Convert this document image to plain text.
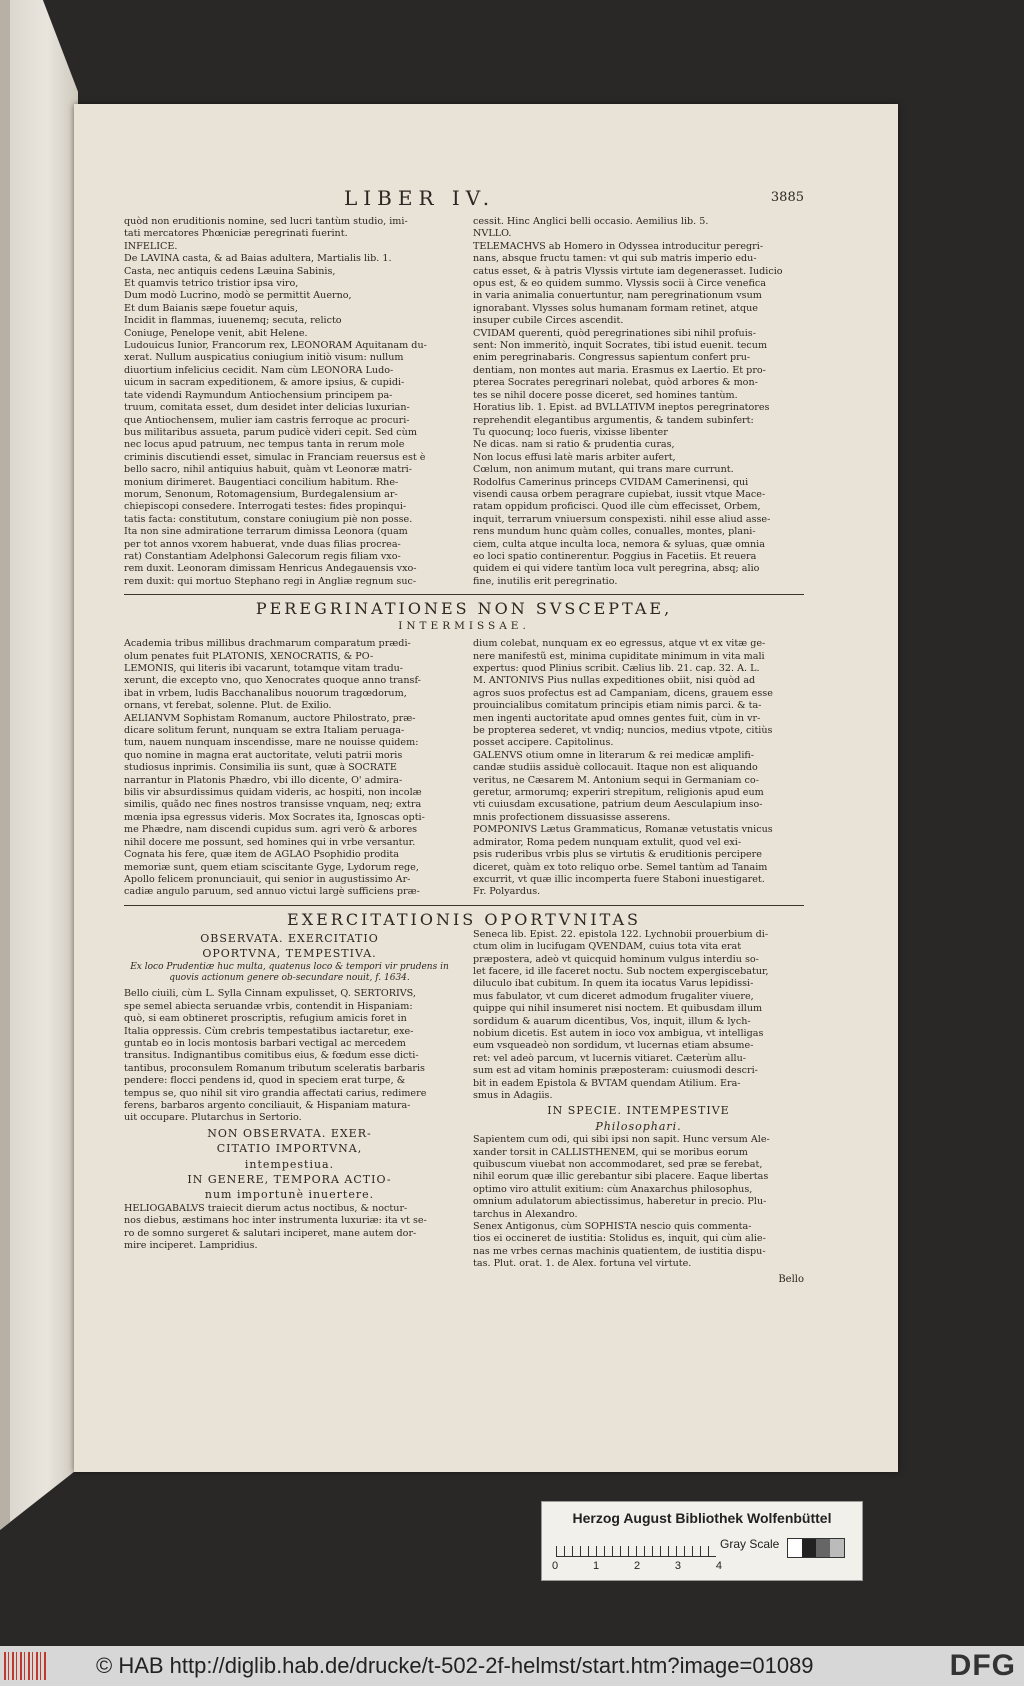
LIBER IV.	3885

quòd non eruditionis nomine, sed lucri tantùm studio, imi-

tati mercatores Phœniciæ peregrinati fuerint.

INFELICE.

De LAVINA casta, & ad Baias adultera, Martialis lib. 1.

Casta, nec antiquis cedens Læuina Sabinis,

Et quamvis tetrico tristior ipsa viro,

Dum modò Lucrino, modò se permittit Auerno,

Et dum Baianis sæpe fouetur aquis,

Incidit in flammas, iuuenemq; secuta, relicto

Coniuge, Penelope venit, abit Helene.

Ludouicus Iunior, Francorum rex, LEONORAM Aquitanam du-

xerat. Nullum auspicatius coniugium initiò visum: nullum

diuortium infelicius cecidit. Nam cùm LEONORA Ludo-

uicum in sacram expeditionem, & amore ipsius, & cupidi-

tate videndi Raymundum Antiochensium principem pa-

truum, comitata esset, dum desidet inter delicias luxurian-

que Antiochensem, mulier iam castris ferroque ac procuri-

bus militaribus assueta, parum pudicè videri cepit. Sed cùm

nec locus apud patruum, nec tempus tanta in rerum mole

criminis discutiendi esset, simulac in Franciam reuersus est è

bello sacro, nihil antiquius habuit, quàm vt Leonoræ matri-

monium dirimeret. Baugentiaci concilium habitum. Rhe-

morum, Senonum, Rotomagensium, Burdegalensium ar-

chiepiscopi consedere. Interrogati testes: fides propinqui-

tatis facta: constitutum, constare coniugium piè non posse.

Ita non sine admiratione terrarum dimissa Leonora (quam

per tot annos vxorem habuerat, vnde duas filias procrea-

rat) Constantiam Adelphonsi Galecorum regis filiam vxo-

rem duxit. Leonoram dimissam Henricus Andegauensis vxo-

rem duxit: qui mortuo Stephano regi in Angliæ regnum suc-

cessit. Hinc Anglici belli occasio. Aemilius lib. 5.

NVLLO.

TELEMACHVS ab Homero in Odyssea introducitur peregri-

nans, absque fructu tamen: vt qui sub matris imperio edu-

catus esset, & à patris Vlyssis virtute iam degenerasset. Iudicio

opus est, & eo quidem summo. Vlyssis socii à Circe venefica

in varia animalia conuertuntur, nam peregrinationum vsum

ignorabant. Vlysses solus humanam formam retinet, atque

insuper cubile Circes ascendit.

CVIDAM querenti, quòd peregrinationes sibi nihil profuis-

sent: Non immeritò, inquit Socrates, tibi istud euenit. tecum

enim peregrinabaris. Congressus sapientum confert pru-

dentiam, non montes aut maria. Erasmus ex Laertio. Et pro-

pterea Socrates peregrinari nolebat, quòd arbores & mon-

tes se nihil docere posse diceret, sed homines tantùm.

Horatius lib. 1. Epist. ad BVLLATIVM ineptos peregrinatores

reprehendit elegantibus argumentis, & tandem subinfert:

Tu quocunq; loco fueris, vixisse libenter

Ne dicas. nam si ratio & prudentia curas,

Non locus effusi latè maris arbiter aufert,

Cœlum, non animum mutant, qui trans mare currunt.

Rodolfus Camerinus princeps CVIDAM Camerinensi, qui

visendi causa orbem peragrare cupiebat, iussit vtque Mace-

ratam oppidum proficisci. Quod ille cùm effecisset, Orbem,

inquit, terrarum vniuersum conspexisti. nihil esse aliud asse-

rens mundum hunc quàm colles, conualles, montes, plani-

ciem, culta atque inculta loca, nemora & syluas, quæ omnia

eo loci spatio continerentur. Poggius in Facetiis. Et reuera

quidem ei qui videre tantùm loca vult peregrina, absq; alio

fine, inutilis erit peregrinatio.

PEREGRINATIONES NON SVSCEPTAE,
INTERMISSAE.

Academia tribus millibus drachmarum comparatum prædi-

olum penates fuit PLATONIS, XENOCRATIS, & PO-

LEMONIS, qui literis ibi vacarunt, totamque vitam tradu-

xerunt, die excepto vno, quo Xenocrates quoque anno transf-

ibat in vrbem, ludis Bacchanalibus nouorum tragœdorum,

ornans, vt ferebat, solenne. Plut. de Exilio.

AELIANVM Sophistam Romanum, auctore Philostrato, præ-

dicare solitum ferunt, nunquam se extra Italiam peruaga-

tum, nauem nunquam inscendisse, mare ne nouisse quidem:

quo nomine in magna erat auctoritate, veluti patrii moris

studiosus inprimis. Consimilia iis sunt, quæ à SOCRATE

narrantur in Platonis Phædro, vbi illo dicente, O' admira-

bilis vir absurdissimus quidam videris, ac hospiti, non incolæ

similis, quãdo nec fines nostros transisse vnquam, neq; extra

mœnia ipsa egressus videris. Mox Socrates ita, Ignoscas opti-

me Phædre, nam discendi cupidus sum. agri verò & arbores

nihil docere me possunt, sed homines qui in vrbe versantur.

Cognata his fere, quæ item de AGLAO Psophidio prodita

memoriæ sunt, quem etiam sciscitante Gyge, Lydorum rege,

Apollo felicem pronunciauit, qui senior in augustissimo Ar-

cadiæ angulo paruum, sed annuo victui largè sufficiens præ-

dium colebat, nunquam ex eo egressus, atque vt ex vitæ ge-

nere manifestũ est, minima cupiditate minimum in vita mali

expertus: quod Plinius scribit. Cælius lib. 21. cap. 32. A. L.

M. ANTONIVS Pius nullas expeditiones obiit, nisi quòd ad

agros suos profectus est ad Campaniam, dicens, grauem esse

prouincialibus comitatum principis etiam nimis parci. & ta-

men ingenti auctoritate apud omnes gentes fuit, cùm in vr-

be propterea sederet, vt vndiq; nuncios, medius vtpote, citiùs

posset accipere. Capitolinus.

GALENVS otium omne in literarum & rei medicæ amplifi-

candæ studiis assiduè collocauit. Itaque non est aliquando

veritus, ne Cæsarem M. Antonium sequi in Germaniam co-

geretur, armorumq; experiri strepitum, religionis apud eum

vti cuiusdam excusatione, patrium deum Aesculapium inso-

mnis profectionem dissuasisse asserens.

POMPONIVS Lætus Grammaticus, Romanæ vetustatis vnicus

admirator, Roma pedem nunquam extulit, quod vel exi-

psis ruderibus vrbis plus se virtutis & eruditionis percipere

diceret, quàm ex toto reliquo orbe. Semel tantùm ad Tanaim

excurrit, vt quæ illic incomperta fuere Staboni inuestigaret.

Fr. Polyardus.

EXERCITATIONIS OPORTVNITAS
OBSERVATA. EXERCITATIO
OPORTVNA, TEMPESTIVA.
Ex loco Prudentiæ huc multa, quatenus loco & tempori vir prudens in quovis actionum genere ob-secundare nouit, f. 1634.

Bello ciuili, cùm L. Sylla Cinnam expulisset, Q. SERTORIVS,

spe semel abiecta seruandæ vrbis, contendit in Hispaniam:

quò, si eam obtineret proscriptis, refugium amicis foret in

Italia oppressis. Cùm crebris tempestatibus iactaretur, exe-

guntab eo in locis montosis barbari vectigal ac mercedem

transitus. Indignantibus comitibus eius, & fœdum esse dicti-

tantibus, proconsulem Romanum tributum sceleratis barbaris

pendere: flocci pendens id, quod in speciem erat turpe, &

tempus se, quo nihil sit viro grandia affectati carius, redimere

ferens, barbaros argento conciliauit, & Hispaniam matura-

uit occupare. Plutarchus in Sertorio.

NON OBSERVATA. EXER-
CITATIO IMPORTVNA,
intempestiua.
IN GENERE, TEMPORA ACTIO-
num importunè inuertere.

HELIOGABALVS traiecit dierum actus noctibus, & noctur-

nos diebus, æstimans hoc inter instrumenta luxuriæ: ita vt se-

ro de somno surgeret & salutari inciperet, mane autem dor-

mire inciperet. Lampridius.

Seneca lib. Epist. 22. epistola 122. Lychnobii prouerbium di-

ctum olim in lucifugam QVENDAM, cuius tota vita erat

præpostera, adeò vt quicquid hominum vulgus interdiu so-

let facere, id ille faceret noctu. Sub noctem expergiscebatur,

diluculo ibat cubitum. In quem ita iocatus Varus lepidissi-

mus fabulator, vt cum diceret admodum frugaliter viuere,

quippe qui nihil insumeret nisi noctem. Et quibusdam illum

sordidum & auarum dicentibus, Vos, inquit, illum & lych-

nobium dicetis. Est autem in ioco vox ambigua, vt intelligas

eum vsqueadeò non sordidum, vt lucernas etiam absume-

ret: vel adeò parcum, vt lucernis vitiaret. Cæterùm allu-

sum est ad vitam hominis præposteram: cuiusmodi descri-

bit in eadem Epistola & BVTAM quendam Atilium. Era-

smus in Adagiis.

IN SPECIE. INTEMPESTIVE
Philosophari.

Sapientem cum odi, qui sibi ipsi non sapit. Hunc versum Ale-

xander torsit in CALLISTHENEM, qui se moribus eorum

quibuscum viuebat non accommodaret, sed præ se ferebat,

nihil eorum quæ illic gerebantur sibi placere. Eaque libertas

optimo viro attulit exitium: cùm Anaxarchus philosophus,

omnium adulatorum abiectissimus, haberetur in precio. Plu-

tarchus in Alexandro.

Senex Antigonus, cùm SOPHISTA nescio quis commenta-

tios ei occineret de iustitia: Stolidus es, inquit, qui cùm alie-

nas me vrbes cernas machinis quatientem, de iustitia dispu-

tas. Plut. orat. 1. de Alex. fortuna vel virtute.

Bello
Herzog August Bibliothek Wolfenbüttel
0	1	2	3	4
Gray Scale
© HAB http://diglib.hab.de/drucke/t-502-2f-helmst/start.htm?image=01089	DFG
